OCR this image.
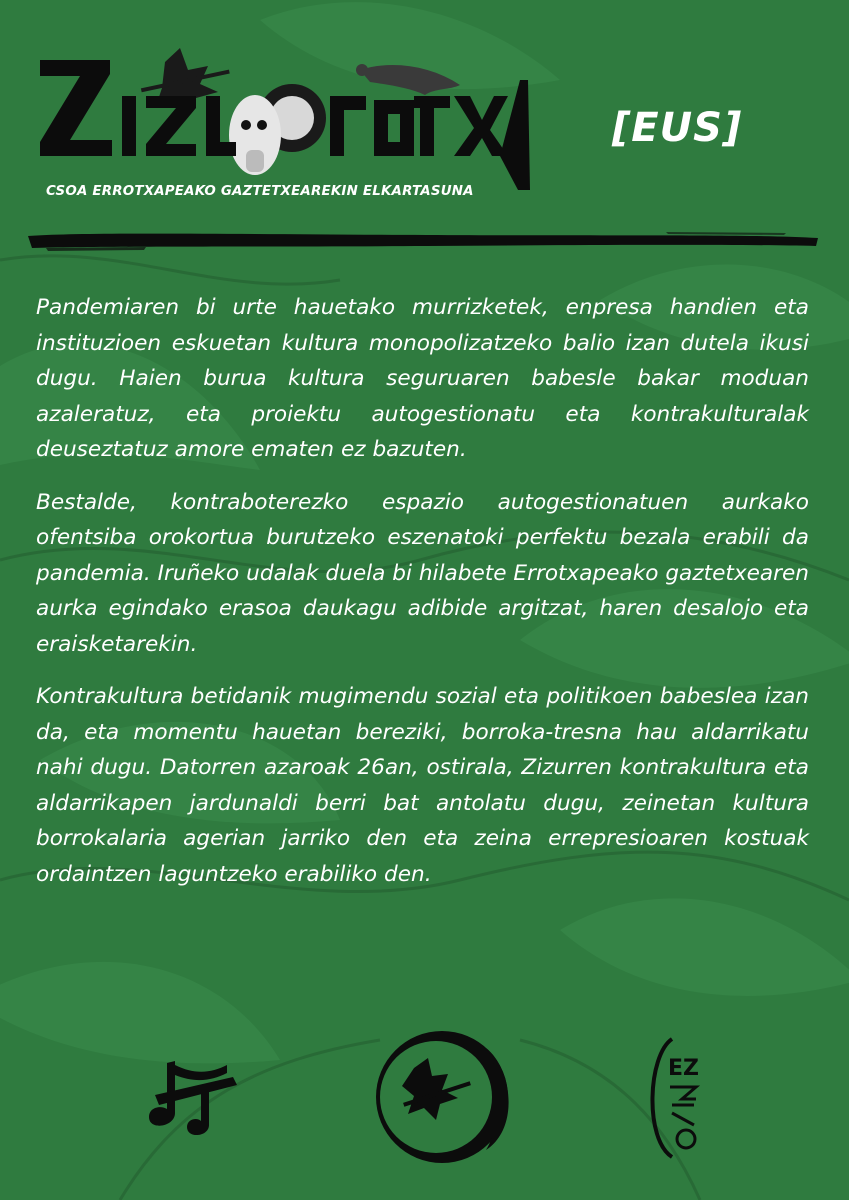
[EUS]
CSOA ERROTXAPEAKO GAZTETXEAREKIN ELKARTASUNA

Pandemiaren bi urte hauetako murrizketek, enpresa handien eta instituzioen eskuetan kultura monopolizatzeko balio izan dutela ikusi dugu. Haien burua kultura seguruaren babesle bakar moduan azaleratuz, eta proiektu autogestionatu eta kontrakulturalak deuseztatuz amore ematen ez bazuten.

Bestalde, kontraboterezko espazio autogestionatuen aurkako ofentsiba orokortua burutzeko eszenatoki perfektu bezala erabili da pandemia. Iruñeko udalak duela bi hilabete Errotxapeako gaztetxearen aurka egindako erasoa daukagu adibide argitzat, haren desalojo eta eraisketarekin.

Kontrakultura betidanik mugimendu sozial eta politikoen babeslea izan da, eta momentu hauetan bereziki, borroka-tresna hau aldarrikatu nahi dugu. Datorren azaroak 26an, ostirala, Zizurren kontrakultura eta aldarrikapen jardunaldi berri bat antolatu dugu, zeinetan kultura borrokalaria agerian jarriko den eta zeina errepresioaren kostuak ordaintzen laguntzeko erabiliko den.

EZ
